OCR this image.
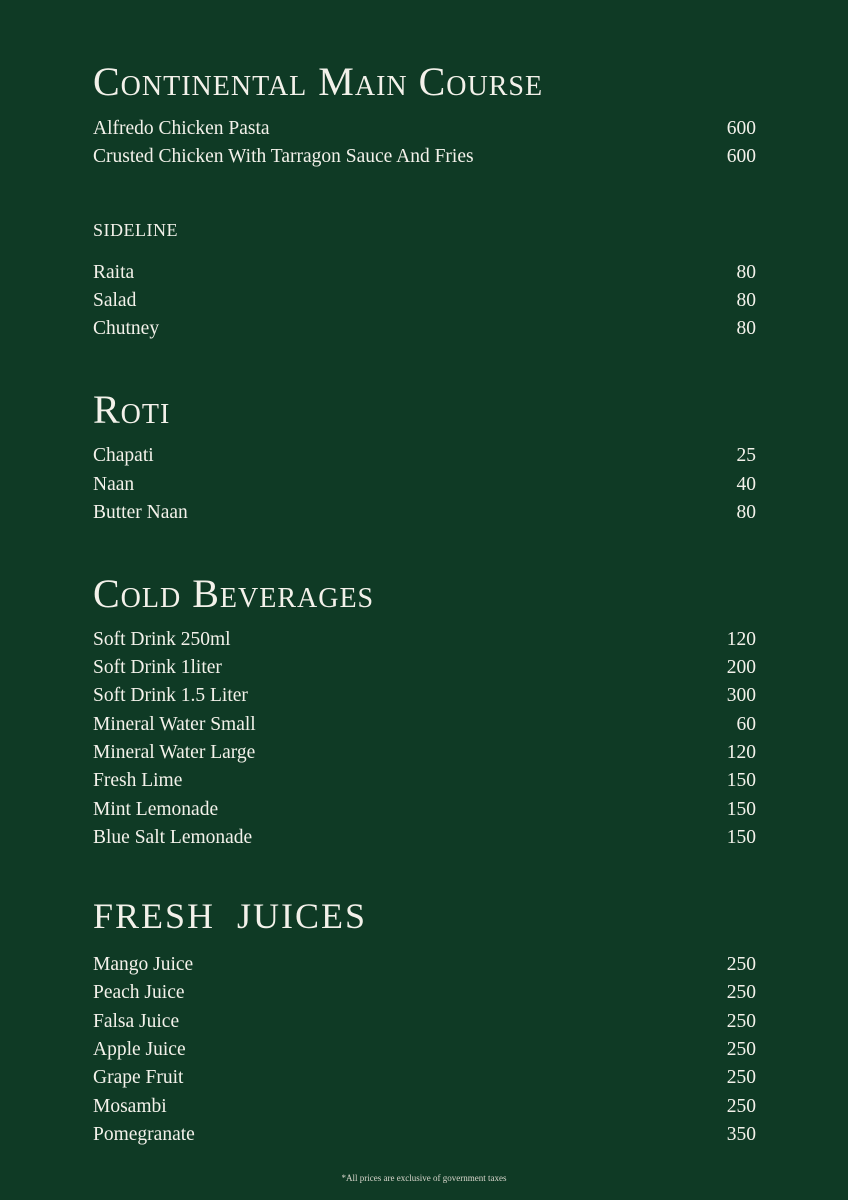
Continental Main Course
Alfredo Chicken Pasta	600
Crusted Chicken With Tarragon Sauce And Fries	600
SIDELINE
Raita	80
Salad	80
Chutney	80
Roti
Chapati	25
Naan	40
Butter Naan	80
Cold Beverages
Soft Drink 250ml	120
Soft Drink 1liter	200
Soft Drink 1.5 Liter	300
Mineral Water Small	60
Mineral Water Large	120
Fresh Lime	150
Mint Lemonade	150
Blue Salt Lemonade	150
FRESH  JUICES
Mango Juice	250
Peach Juice	250
Falsa Juice	250
Apple Juice	250
Grape Fruit	250
Mosambi	250
Pomegranate	350
*All prices are exclusive of government taxes
